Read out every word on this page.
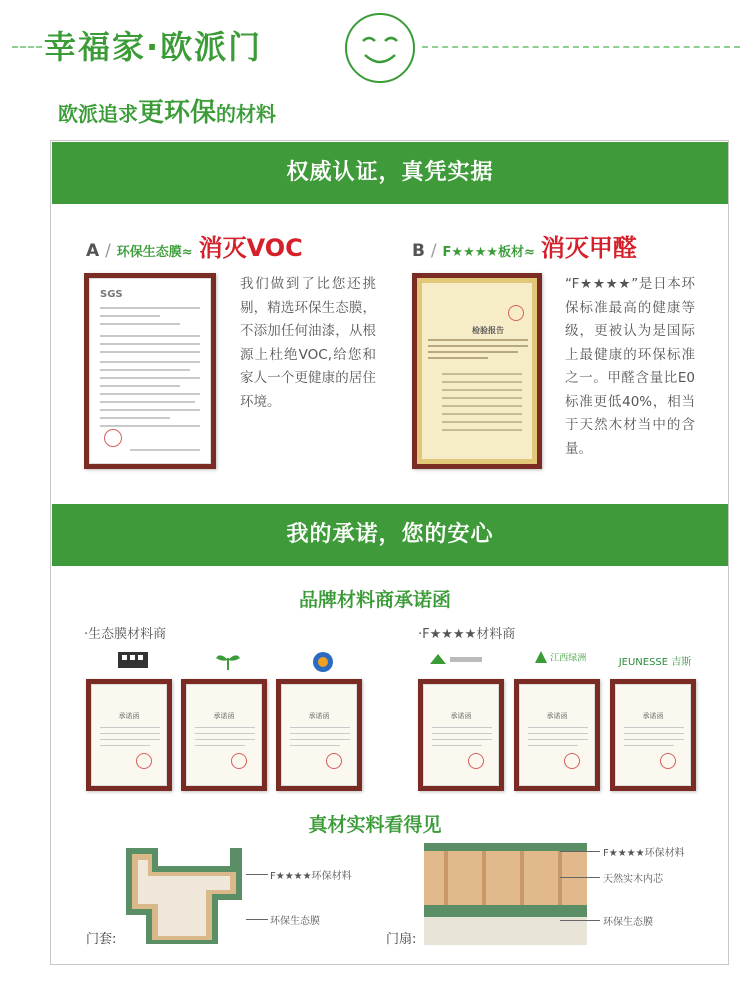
幸福家·欧派门
欧派追求更环保的材料
权威认证，真凭实据
A / 环保生态膜≈ 消灭VOC
SGS
我们做到了比您还挑剔，精选环保生态膜，不添加任何油漆，从根源上杜绝VOC,给您和家人一个更健康的居住环境。
B / F★★★★板材≈ 消灭甲醛
检验报告
“F★★★★”是日本环保标准最高的健康等级，更被认为是国际上最健康的环保标准之一。甲醛含量比E0标准更低40%，相当于天然木材当中的含量。
我的承诺，您的安心
品牌材料商承诺函
·生态膜材料商	·F★★★★材料商
江西绿洲	JEUNESSE 吉斯
承诺函	承诺函	承诺函	承诺函	承诺函	承诺函
真材实料看得见
门套:
F★★★★环保材料
环保生态膜
门扇:
F★★★★环保材料
天然实木内芯
环保生态膜
